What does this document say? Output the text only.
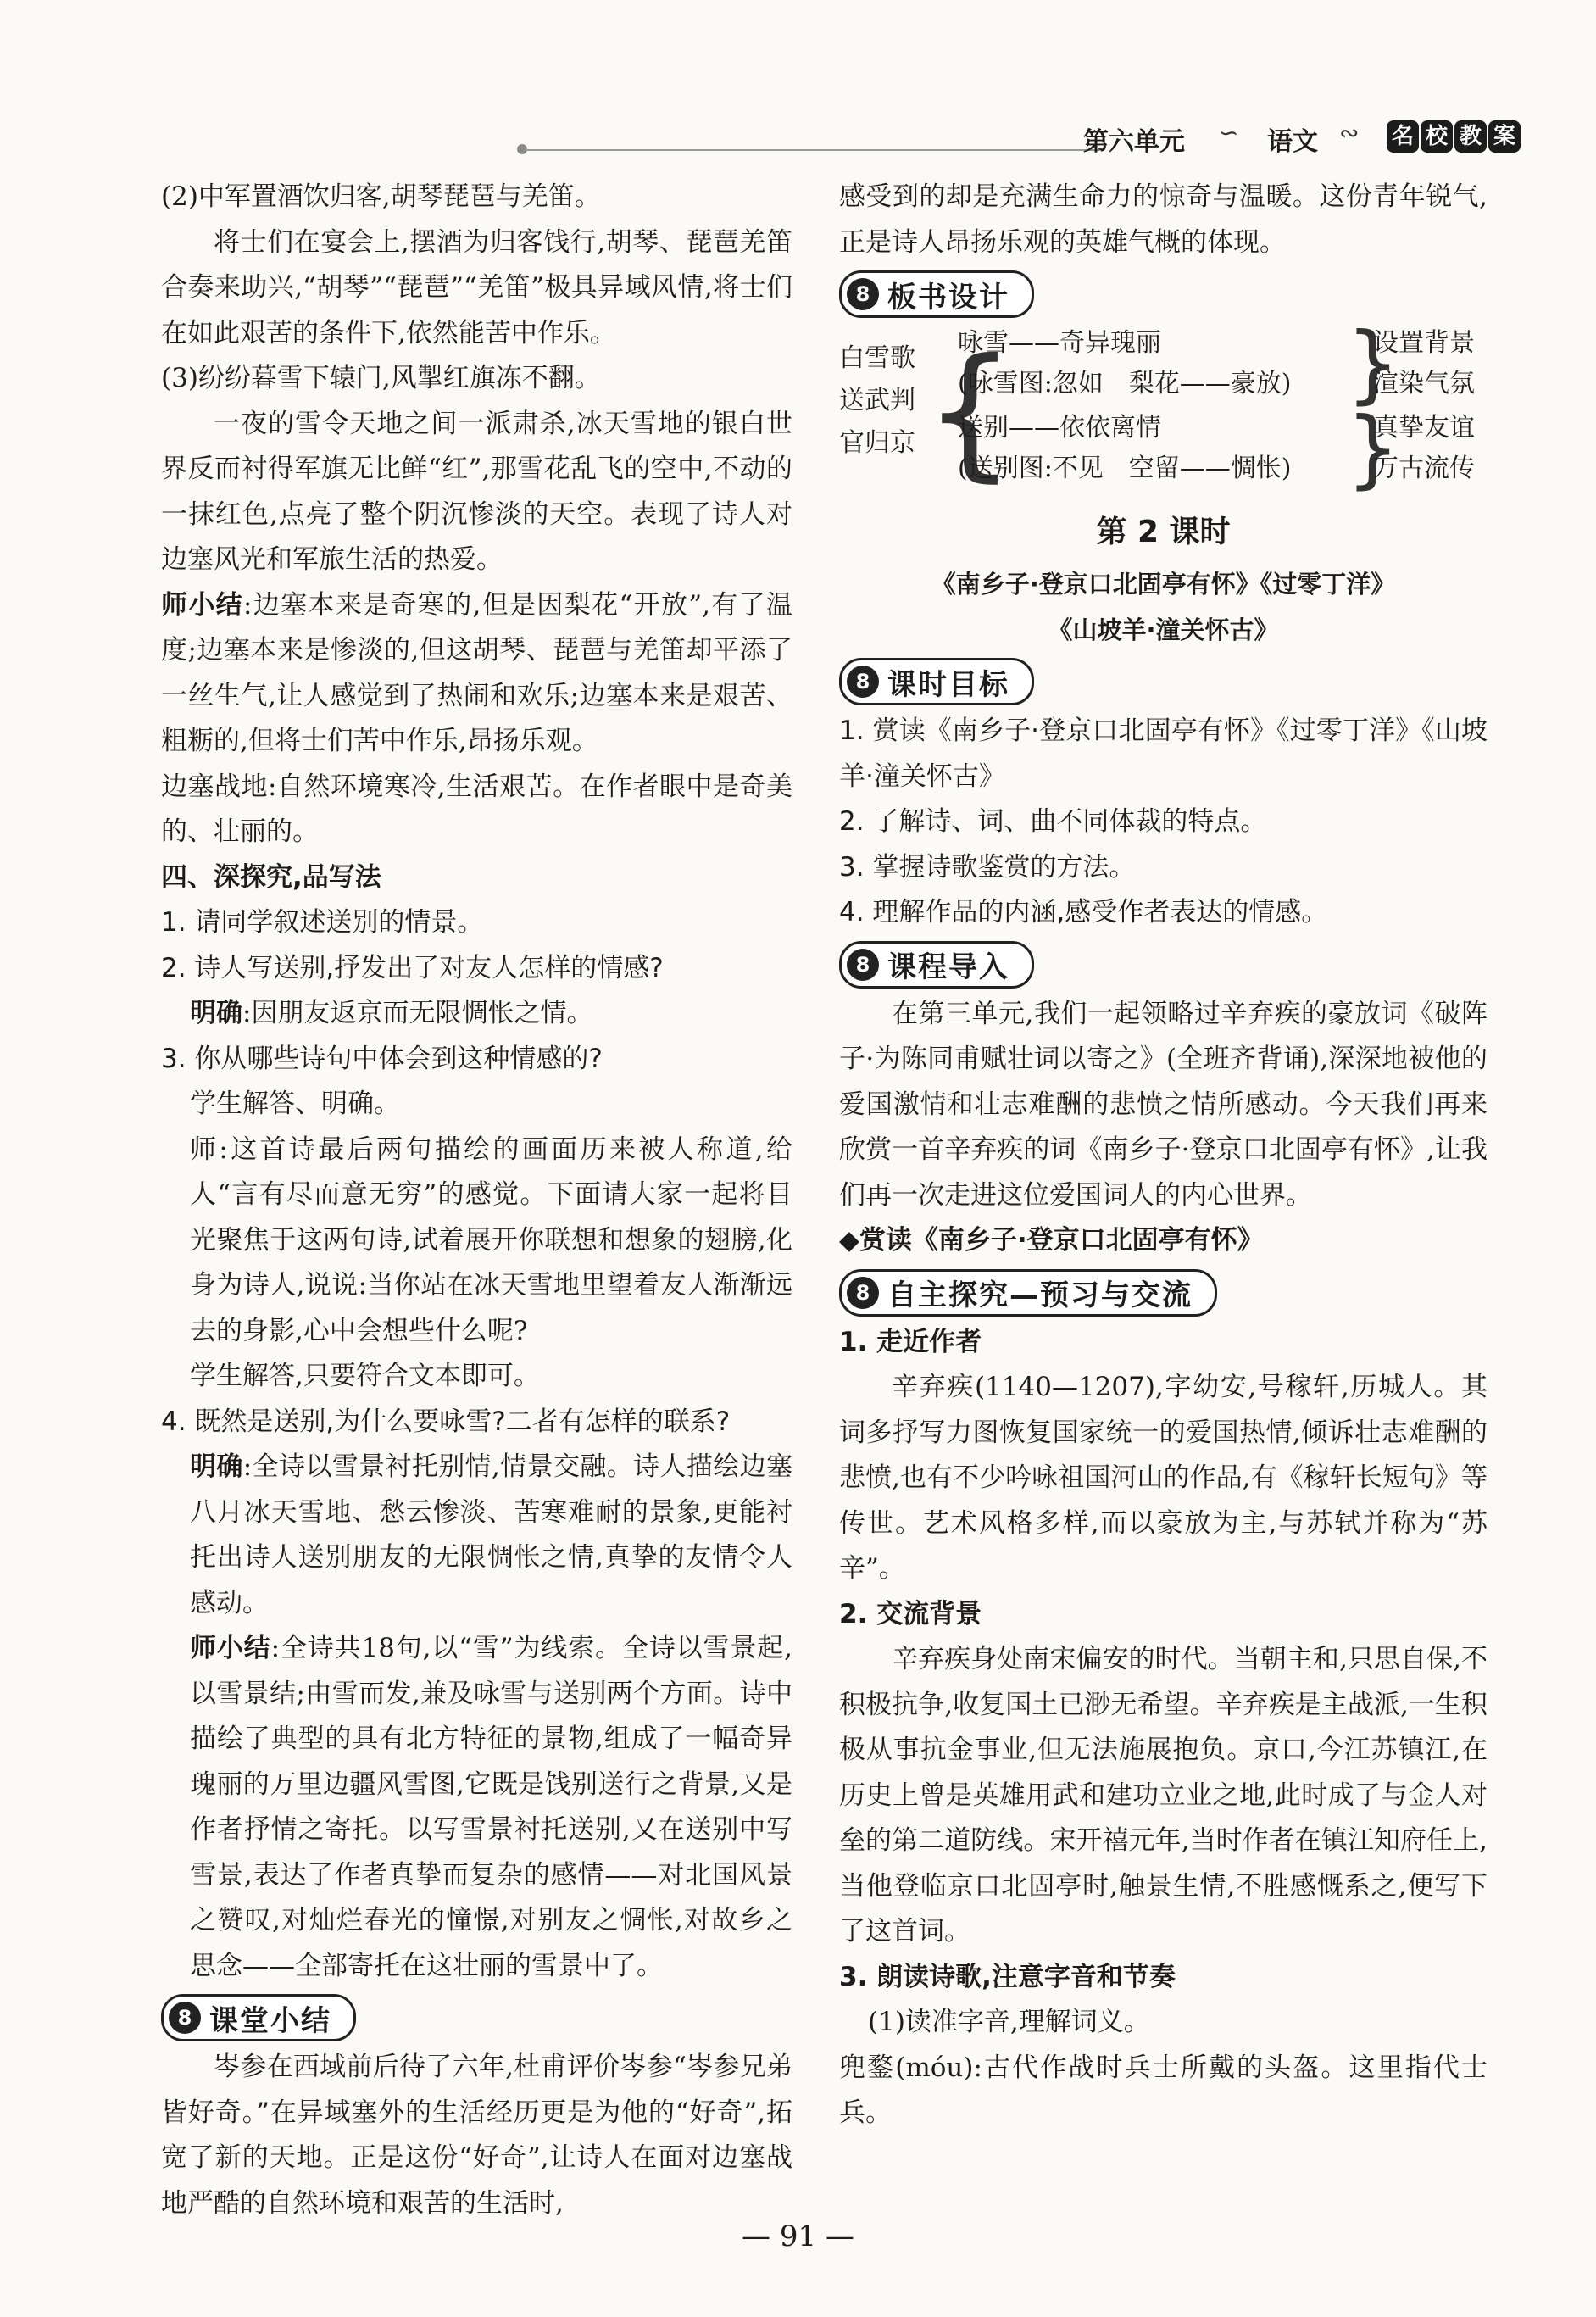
第六单元 ∽ 语文 ∾ 名 校 教 案

(2)中军置酒饮归客,胡琴琵琶与羌笛。

将士们在宴会上,摆酒为归客饯行,胡琴、琵琶羌笛合奏来助兴,“胡琴”“琵琶”“羌笛”极具异域风情,将士们在如此艰苦的条件下,依然能苦中作乐。

(3)纷纷暮雪下辕门,风掣红旗冻不翻。

一夜的雪令天地之间一派肃杀,冰天雪地的银白世界反而衬得军旗无比鲜“红”,那雪花乱飞的空中,不动的一抹红色,点亮了整个阴沉惨淡的天空。表现了诗人对边塞风光和军旅生活的热爱。

师小结:边塞本来是奇寒的,但是因梨花“开放”,有了温度;边塞本来是惨淡的,但这胡琴、琵琶与羌笛却平添了一丝生气,让人感觉到了热闹和欢乐;边塞本来是艰苦、粗粝的,但将士们苦中作乐,昂扬乐观。

边塞战地:自然环境寒冷,生活艰苦。在作者眼中是奇美的、壮丽的。

四、深探究,品写法

1. 请同学叙述送别的情景。

2. 诗人写送别,抒发出了对友人怎样的情感?

明确:因朋友返京而无限惆怅之情。

3. 你从哪些诗句中体会到这种情感的?

学生解答、明确。

师:这首诗最后两句描绘的画面历来被人称道,给人“言有尽而意无穷”的感觉。下面请大家一起将目光聚焦于这两句诗,试着展开你联想和想象的翅膀,化身为诗人,说说:当你站在冰天雪地里望着友人渐渐远去的身影,心中会想些什么呢?

学生解答,只要符合文本即可。

4. 既然是送别,为什么要咏雪?二者有怎样的联系?

明确:全诗以雪景衬托别情,情景交融。诗人描绘边塞八月冰天雪地、愁云惨淡、苦寒难耐的景象,更能衬托出诗人送别朋友的无限惆怅之情,真挚的友情令人感动。

师小结:全诗共18句,以“雪”为线索。全诗以雪景起,以雪景结;由雪而发,兼及咏雪与送别两个方面。诗中描绘了典型的具有北方特征的景物,组成了一幅奇异瑰丽的万里边疆风雪图,它既是饯别送行之背景,又是作者抒情之寄托。以写雪景衬托送别,又在送别中写雪景,表达了作者真挚而复杂的感情——对北国风景之赞叹,对灿烂春光的憧憬,对别友之惆怅,对故乡之思念——全部寄托在这壮丽的雪景中了。

8 课堂小结

岑参在西域前后待了六年,杜甫评价岑参“岑参兄弟皆好奇。”在异域塞外的生活经历更是为他的“好奇”,拓宽了新的天地。正是这份“好奇”,让诗人在面对边塞战地严酷的自然环境和艰苦的生活时,

感受到的却是充满生命力的惊奇与温暖。这份青年锐气,正是诗人昂扬乐观的英雄气概的体现。

8 板书设计
白雪歌
送武判
官归京 {
咏雪——奇异瑰丽
(咏雪图:忽如　梨花——豪放)
送别——依依离情
(送别图:不见　空留——惆怅)
}
}
设置背景
渲染气氛
真挚友谊
万古流传
第 2 课时

《南乡子·登京口北固亭有怀》《过零丁洋》

《山坡羊·潼关怀古》

8 课时目标

1. 赏读《南乡子·登京口北固亭有怀》《过零丁洋》《山坡羊·潼关怀古》

2. 了解诗、词、曲不同体裁的特点。

3. 掌握诗歌鉴赏的方法。

4. 理解作品的内涵,感受作者表达的情感。

8 课程导入

在第三单元,我们一起领略过辛弃疾的豪放词《破阵子·为陈同甫赋壮词以寄之》(全班齐背诵),深深地被他的爱国激情和壮志难酬的悲愤之情所感动。今天我们再来欣赏一首辛弃疾的词《南乡子·登京口北固亭有怀》,让我们再一次走进这位爱国词人的内心世界。

◆赏读《南乡子·登京口北固亭有怀》

8 自主探究—预习与交流

1. 走近作者

辛弃疾(1140—1207),字幼安,号稼轩,历城人。其词多抒写力图恢复国家统一的爱国热情,倾诉壮志难酬的悲愤,也有不少吟咏祖国河山的作品,有《稼轩长短句》等传世。艺术风格多样,而以豪放为主,与苏轼并称为“苏辛”。

2. 交流背景

辛弃疾身处南宋偏安的时代。当朝主和,只思自保,不积极抗争,收复国土已渺无希望。辛弃疾是主战派,一生积极从事抗金事业,但无法施展抱负。京口,今江苏镇江,在历史上曾是英雄用武和建功立业之地,此时成了与金人对垒的第二道防线。宋开禧元年,当时作者在镇江知府任上,当他登临京口北固亭时,触景生情,不胜感慨系之,便写下了这首词。

3. 朗读诗歌,注意字音和节奏

(1)读准字音,理解词义。

兜鍪(móu):古代作战时兵士所戴的头盔。这里指代士兵。

— 91 —
